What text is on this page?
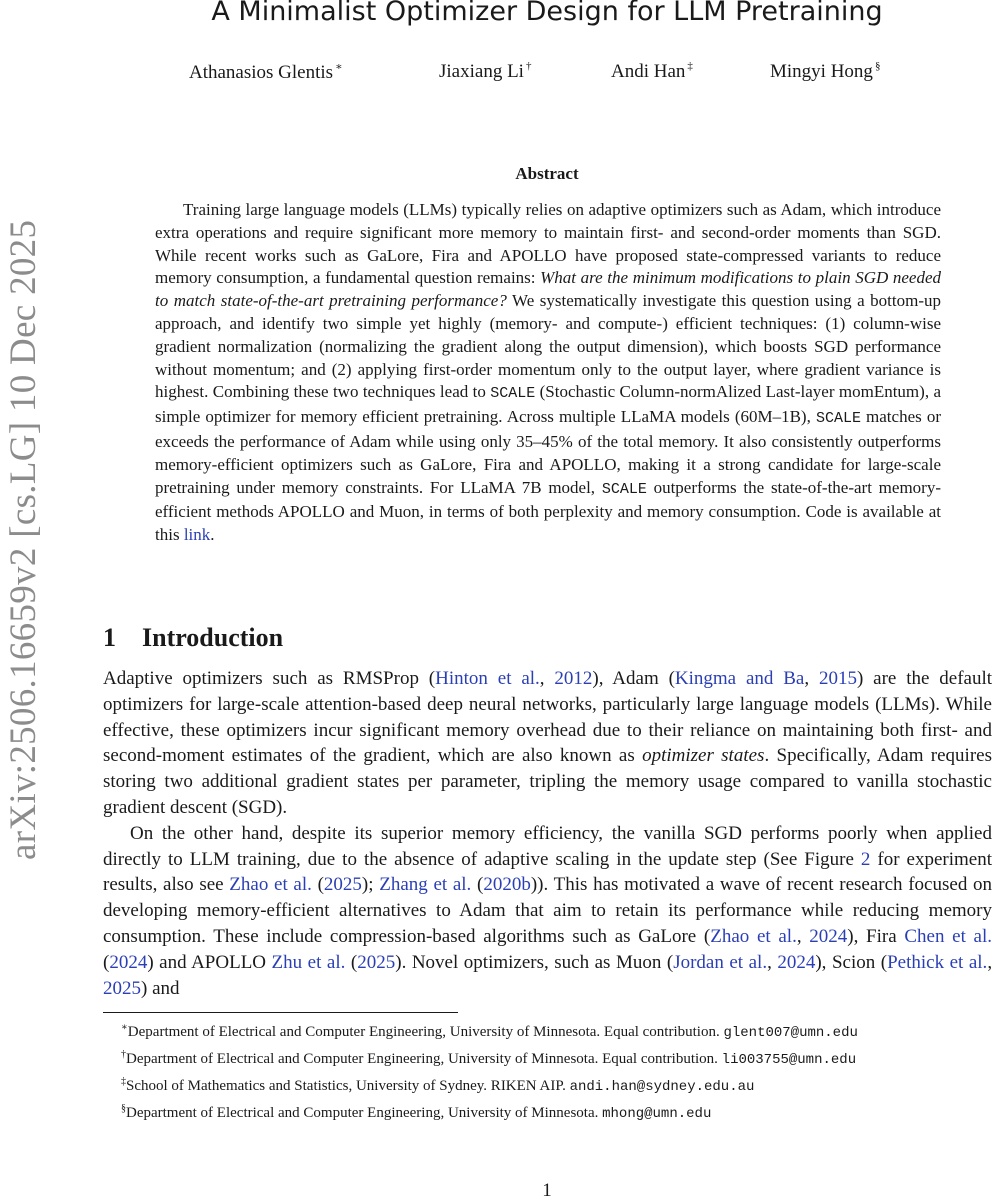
arXiv:2506.16659v2 [cs.LG] 10 Dec 2025
A Minimalist Optimizer Design for LLM Pretraining
Athanasios Glentis ∗	Jiaxiang Li †	Andi Han ‡	Mingyi Hong §
Abstract

Training large language models (LLMs) typically relies on adaptive optimizers such as Adam, which introduce extra operations and require significant more memory to maintain first- and second-order moments than SGD. While recent works such as GaLore, Fira and APOLLO have proposed state-compressed variants to reduce memory consumption, a fundamental question remains: What are the minimum modifications to plain SGD needed to match state-of-the-art pretraining performance? We systematically investigate this question using a bottom-up approach, and identify two simple yet highly (memory- and compute-) efficient techniques: (1) column-wise gradient normalization (normalizing the gradient along the output dimension), which boosts SGD performance without momentum; and (2) applying first-order momentum only to the output layer, where gradient variance is highest. Combining these two techniques lead to SCALE (Stochastic Column-normAlized Last-layer momEntum), a simple optimizer for memory efficient pretraining. Across multiple LLaMA models (60M–1B), SCALE matches or exceeds the performance of Adam while using only 35–45% of the total memory. It also consistently outperforms memory-efficient optimizers such as GaLore, Fira and APOLLO, making it a strong candidate for large-scale pretraining under memory constraints. For LLaMA 7B model, SCALE outperforms the state-of-the-art memory-efficient methods APOLLO and Muon, in terms of both perplexity and memory consumption. Code is available at this link.

1 Introduction

Adaptive optimizers such as RMSProp (Hinton et al., 2012), Adam (Kingma and Ba, 2015) are the default optimizers for large-scale attention-based deep neural networks, particularly large language models (LLMs). While effective, these optimizers incur significant memory overhead due to their reliance on maintaining both first- and second-moment estimates of the gradient, which are also known as optimizer states. Specifically, Adam requires storing two additional gradient states per parameter, tripling the memory usage compared to vanilla stochastic gradient descent (SGD).

On the other hand, despite its superior memory efficiency, the vanilla SGD performs poorly when applied directly to LLM training, due to the absence of adaptive scaling in the update step (See Figure 2 for experiment results, also see Zhao et al. (2025); Zhang et al. (2020b)). This has motivated a wave of recent research focused on developing memory-efficient alternatives to Adam that aim to retain its performance while reducing memory consumption. These include compression-based algorithms such as GaLore (Zhao et al., 2024), Fira Chen et al. (2024) and APOLLO Zhu et al. (2025). Novel optimizers, such as Muon (Jordan et al., 2024), Scion (Pethick et al., 2025) and

∗Department of Electrical and Computer Engineering, University of Minnesota. Equal contribution. glent007@umn.edu

†Department of Electrical and Computer Engineering, University of Minnesota. Equal contribution. li003755@umn.edu

‡School of Mathematics and Statistics, University of Sydney. RIKEN AIP. andi.han@sydney.edu.au

§Department of Electrical and Computer Engineering, University of Minnesota. mhong@umn.edu

1
